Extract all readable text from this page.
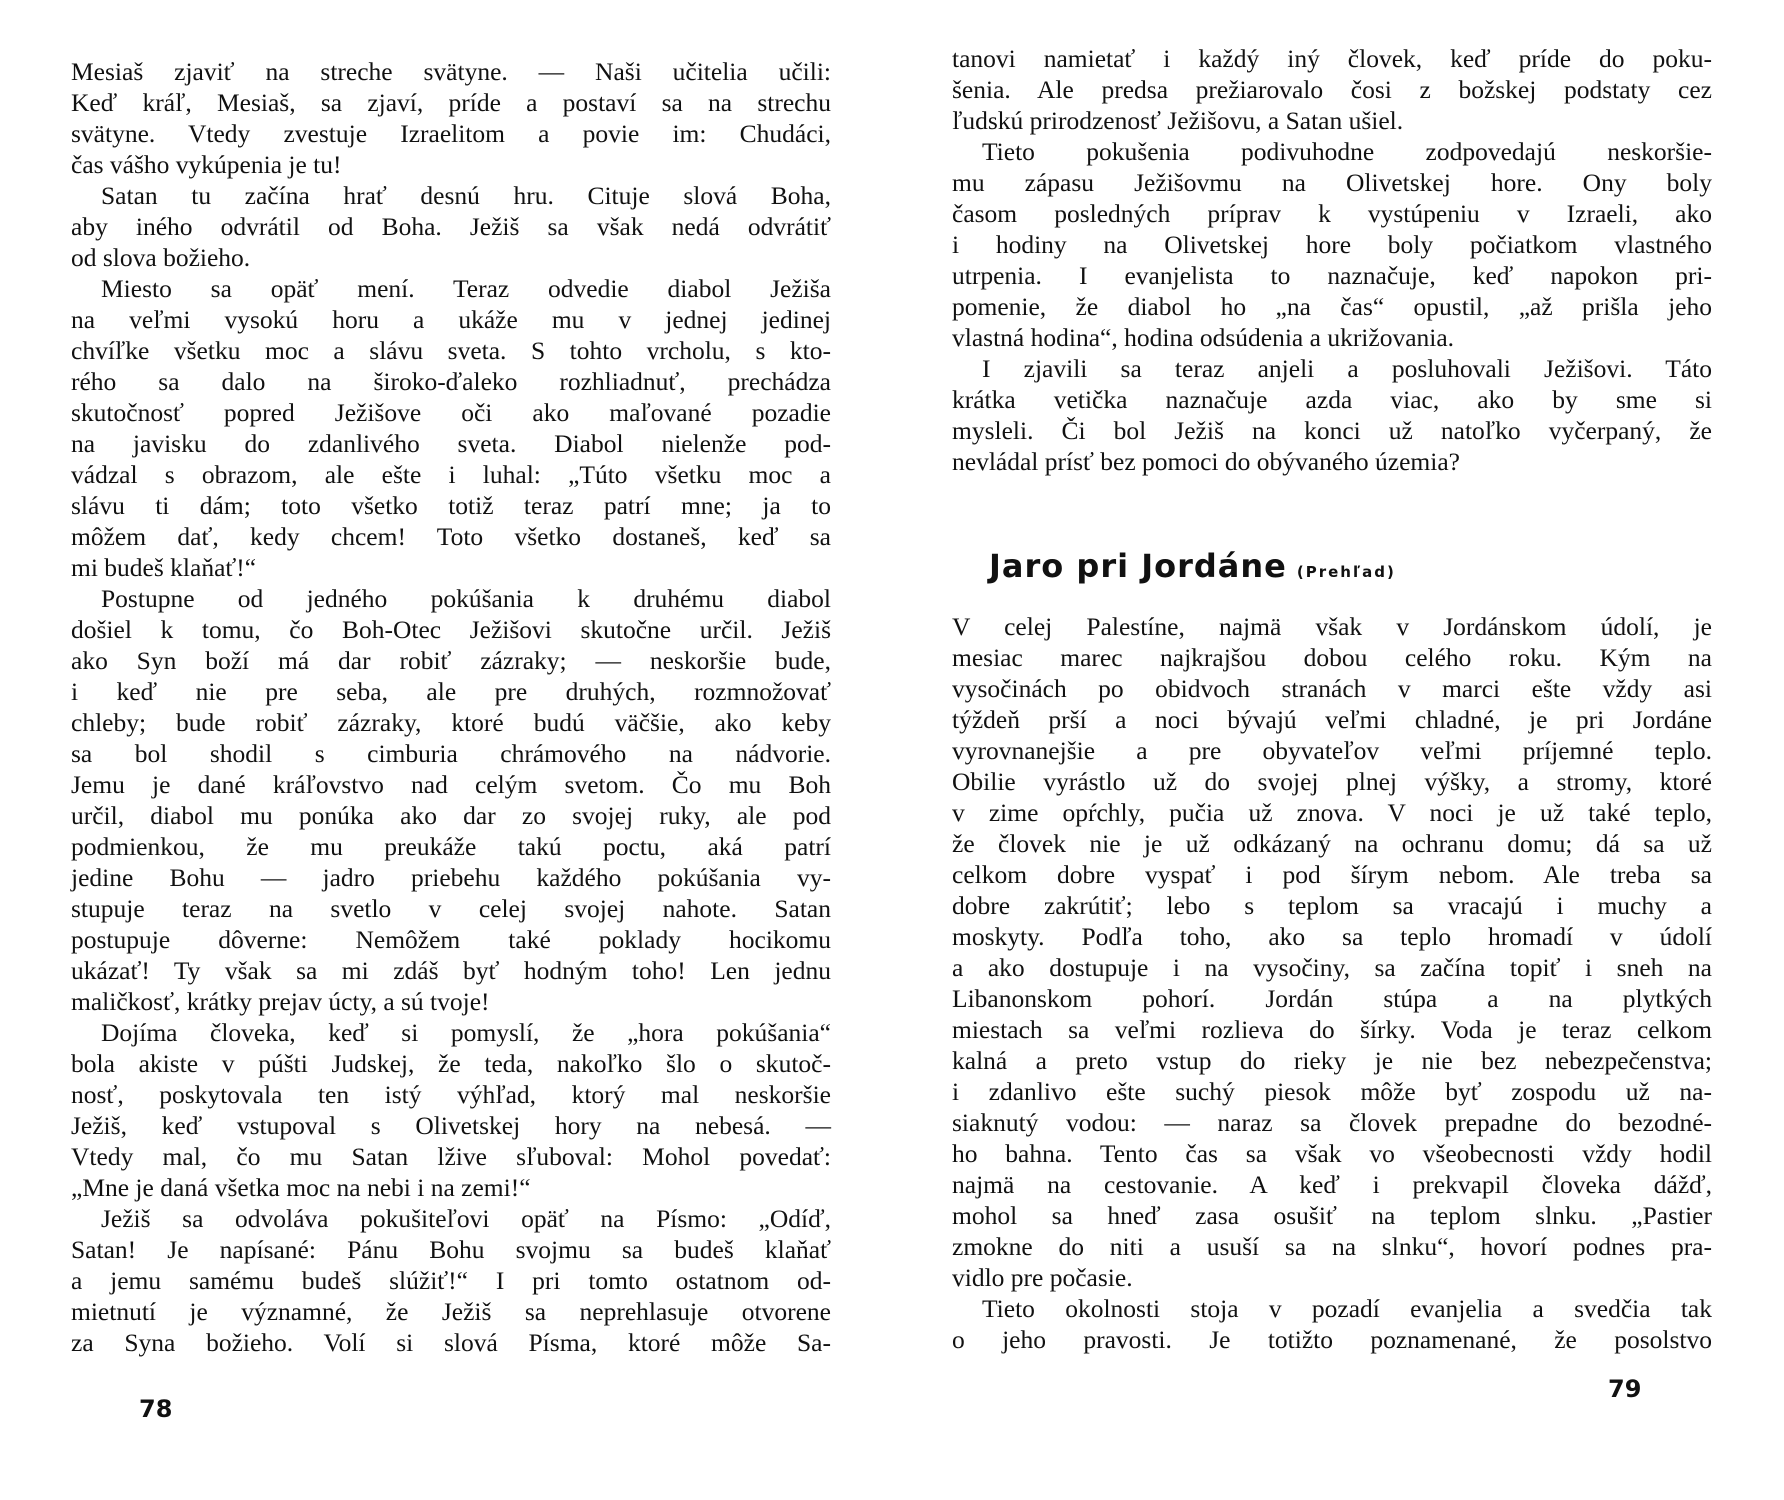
Mesiaš zjaviť na streche svätyne. — Naši učitelia učili:
Keď kráľ, Mesiaš, sa zjaví, príde a postaví sa na strechu
svätyne. Vtedy zvestuje Izraelitom a povie im: Chudáci,
čas vášho vykúpenia je tu!
Satan tu začína hrať desnú hru. Cituje slová Boha,
aby iného odvrátil od Boha. Ježiš sa však nedá odvrátiť
od slova božieho.
Miesto sa opäť mení. Teraz odvedie diabol Ježiša
na veľmi vysokú horu a ukáže mu v jednej jedinej
chvíľke všetku moc a slávu sveta. S tohto vrcholu, s kto-
rého sa dalo na široko-ďaleko rozhliadnuť, prechádza
skutočnosť popred Ježišove oči ako maľované pozadie
na javisku do zdanlivého sveta. Diabol nielenže pod-
vádzal s obrazom, ale ešte i luhal: „Túto všetku moc a
slávu ti dám; toto všetko totiž teraz patrí mne; ja to
môžem dať, kedy chcem! Toto všetko dostaneš, keď sa
mi budeš klaňať!“
Postupne od jedného pokúšania k druhému diabol
došiel k tomu, čo Boh-Otec Ježišovi skutočne určil. Ježiš
ako Syn boží má dar robiť zázraky; — neskoršie bude,
i keď nie pre seba, ale pre druhých, rozmnožovať
chleby; bude robiť zázraky, ktoré budú väčšie, ako keby
sa bol shodil s cimburia chrámového na nádvorie.
Jemu je dané kráľovstvo nad celým svetom. Čo mu Boh
určil, diabol mu ponúka ako dar zo svojej ruky, ale pod
podmienkou, že mu preukáže takú poctu, aká patrí
jedine Bohu — jadro priebehu každého pokúšania vy-
stupuje teraz na svetlo v celej svojej nahote. Satan
postupuje dôverne: Nemôžem také poklady hocikomu
ukázať! Ty však sa mi zdáš byť hodným toho! Len jednu
maličkosť, krátky prejav úcty, a sú tvoje!
Dojíma človeka, keď si pomyslí, že „hora pokúšania“
bola akiste v púšti Judskej, že teda, nakoľko šlo o skutoč-
nosť, poskytovala ten istý výhľad, ktorý mal neskoršie
Ježiš, keď vstupoval s Olivetskej hory na nebesá. —
Vtedy mal, čo mu Satan lžive sľuboval: Mohol povedať:
„Mne je daná všetka moc na nebi i na zemi!“
Ježiš sa odvoláva pokušiteľovi opäť na Písmo: „Odíď,
Satan! Je napísané: Pánu Bohu svojmu sa budeš klaňať
a jemu samému budeš slúžiť!“ I pri tomto ostatnom od-
mietnutí je významné, že Ježiš sa neprehlasuje otvorene
za Syna božieho. Volí si slová Písma, ktoré môže Sa-
78
tanovi namietať i každý iný človek, keď príde do poku-
šenia. Ale predsa prežiarovalo čosi z božskej podstaty cez
ľudskú prirodzenosť Ježišovu, a Satan ušiel.
Tieto pokušenia podivuhodne zodpovedajú neskoršie-
mu zápasu Ježišovmu na Olivetskej hore. Ony boly
časom posledných príprav k vystúpeniu v Izraeli, ako
i hodiny na Olivetskej hore boly počiatkom vlastného
utrpenia. I evanjelista to naznačuje, keď napokon pri-
pomenie, že diabol ho „na čas“ opustil, „až prišla jeho
vlastná hodina“, hodina odsúdenia a ukrižovania.
I zjavili sa teraz anjeli a posluhovali Ježišovi. Táto
krátka vetička naznačuje azda viac, ako by sme si
mysleli. Či bol Ježiš na konci už natoľko vyčerpaný, že
nevládal prísť bez pomoci do obývaného územia?
Jaro pri Jordáne (Prehľad)
V celej Palestíne, najmä však v Jordánskom údolí, je
mesiac marec najkrajšou dobou celého roku. Kým na
vysočinách po obidvoch stranách v marci ešte vždy asi
týždeň prší a noci bývajú veľmi chladné, je pri Jordáne
vyrovnanejšie a pre obyvateľov veľmi príjemné teplo.
Obilie vyrástlo už do svojej plnej výšky, a stromy, ktoré
v zime opŕchly, pučia už znova. V noci je už také teplo,
že človek nie je už odkázaný na ochranu domu; dá sa už
celkom dobre vyspať i pod šírym nebom. Ale treba sa
dobre zakrútiť; lebo s teplom sa vracajú i muchy a
moskyty. Podľa toho, ako sa teplo hromadí v údolí
a ako dostupuje i na vysočiny, sa začína topiť i sneh na
Libanonskom pohorí. Jordán stúpa a na plytkých
miestach sa veľmi rozlieva do šírky. Voda je teraz celkom
kalná a preto vstup do rieky je nie bez nebezpečenstva;
i zdanlivo ešte suchý piesok môže byť zospodu už na-
siaknutý vodou: — naraz sa človek prepadne do bezodné-
ho bahna. Tento čas sa však vo všeobecnosti vždy hodil
najmä na cestovanie. A keď i prekvapil človeka dážď,
mohol sa hneď zasa osušiť na teplom slnku. „Pastier
zmokne do niti a usuší sa na slnku“, hovorí podnes pra-
vidlo pre počasie.
Tieto okolnosti stoja v pozadí evanjelia a svedčia tak
o jeho pravosti. Je totižto poznamenané, že posolstvo
79
